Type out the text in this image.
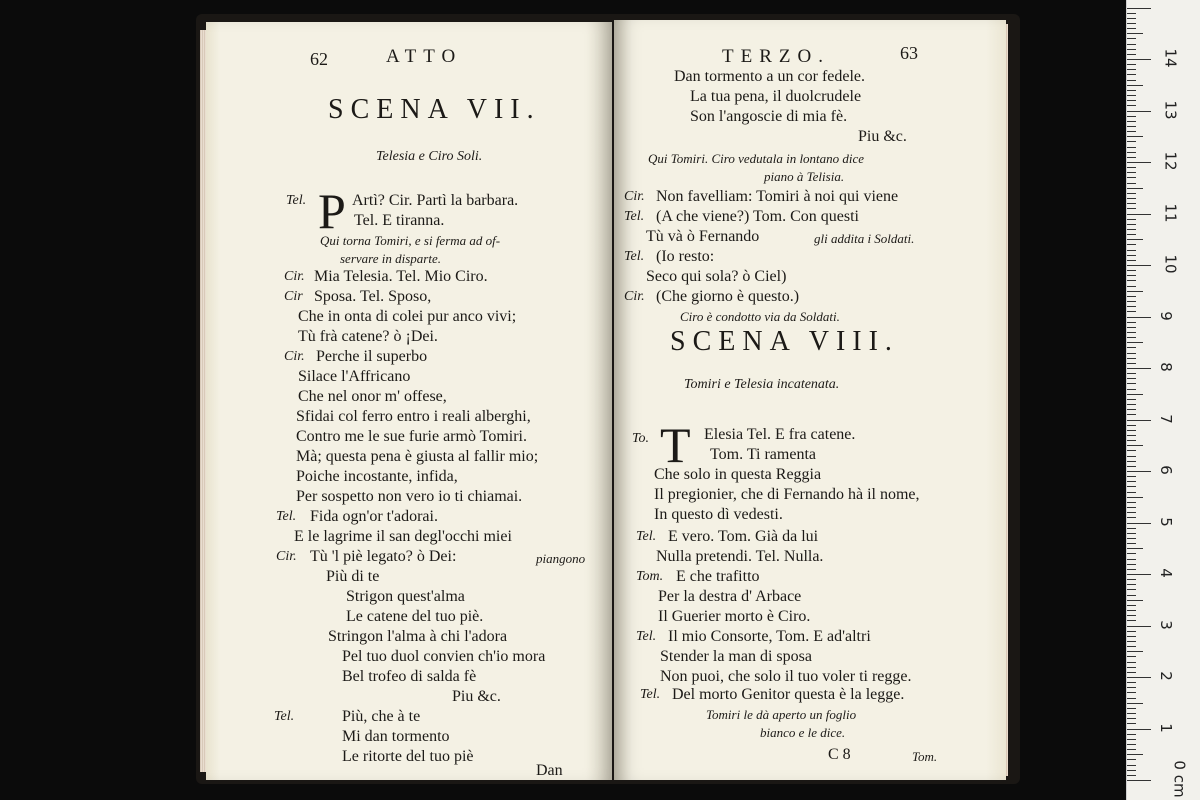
62	ATTO
SCENA VII.
Telesia e Ciro Soli.
P
Tel.	Artì? Cir. Partì la barbara.
Tel. E tiranna.
Qui torna Tomiri, e si ferma ad of-
servare in disparte.
Cir. Mia Telesia. Tel. Mio Ciro.
Cir Sposa. Tel. Sposo,
Che in onta di colei pur anco vivi;
Tù frà catene? ò ¡Dei.
Cir. Perche il superbo
Silace l'Affricano
Che nel onor m' offese,
Sfidai col ferro entro i reali alberghi,
Contro me le sue furie armò Tomiri.
Mà; questa pena è giusta al fallir mio;
Poiche incostante, infida,
Per sospetto non vero io ti chiamai.
Tel. Fida ogn'or t'adorai.
E le lagrime il san degl'occhi miei
Cir. Tù 'l piè legato? ò Dei:	piangono
Più di te
Strigon quest'alma
Le catene del tuo piè.
Stringon l'alma à chi l'adora
Pel tuo duol convien ch'io mora
Bel trofeo di salda fè
Piu &c.
Tel.	Più, che à te
Mi dan tormento
Le ritorte del tuo piè
Dan
TERZO.	63
Dan tormento a un cor fedele.
La tua pena, il duolcrudele
Son l'angoscie di mia fè.
Piu &c.
Qui Tomiri. Ciro vedutala in lontano dice
piano à Telisia.
Cir. Non favelliam: Tomiri à noi qui viene
Tel. (A che viene?) Tom. Con questi
Tù và ò Fernando	gli addita i Soldati.
Tel. (Io resto:
Seco qui sola? ò Ciel)
Cir. (Che giorno è questo.)
Ciro è condotto via da Soldati.
SCENA VIII.
Tomiri e Telesia incatenata.
To. T Elesia Tel. E fra catene.
Tom. Ti ramenta
Che solo in questa Reggia
Il pregionier, che di Fernando hà il nome,
In questo dì vedesti.
Tel. E vero. Tom. Già da lui
Nulla pretendi. Tel. Nulla.
Tom. E che trafitto
Per la destra d' Arbace
Il Guerier morto è Ciro.
Tel. Il mio Consorte, Tom. E ad'altri
Stender la man di sposa
Non puoi, che solo il tuo voler ti regge.
Tel. Del morto Genitor questa è la legge.
Tomiri le dà aperto un foglio
bianco e le dice.
C 8	Tom.
0 cm
1
2
3
4
5
6
7
8
9
10
11
12
13
14
